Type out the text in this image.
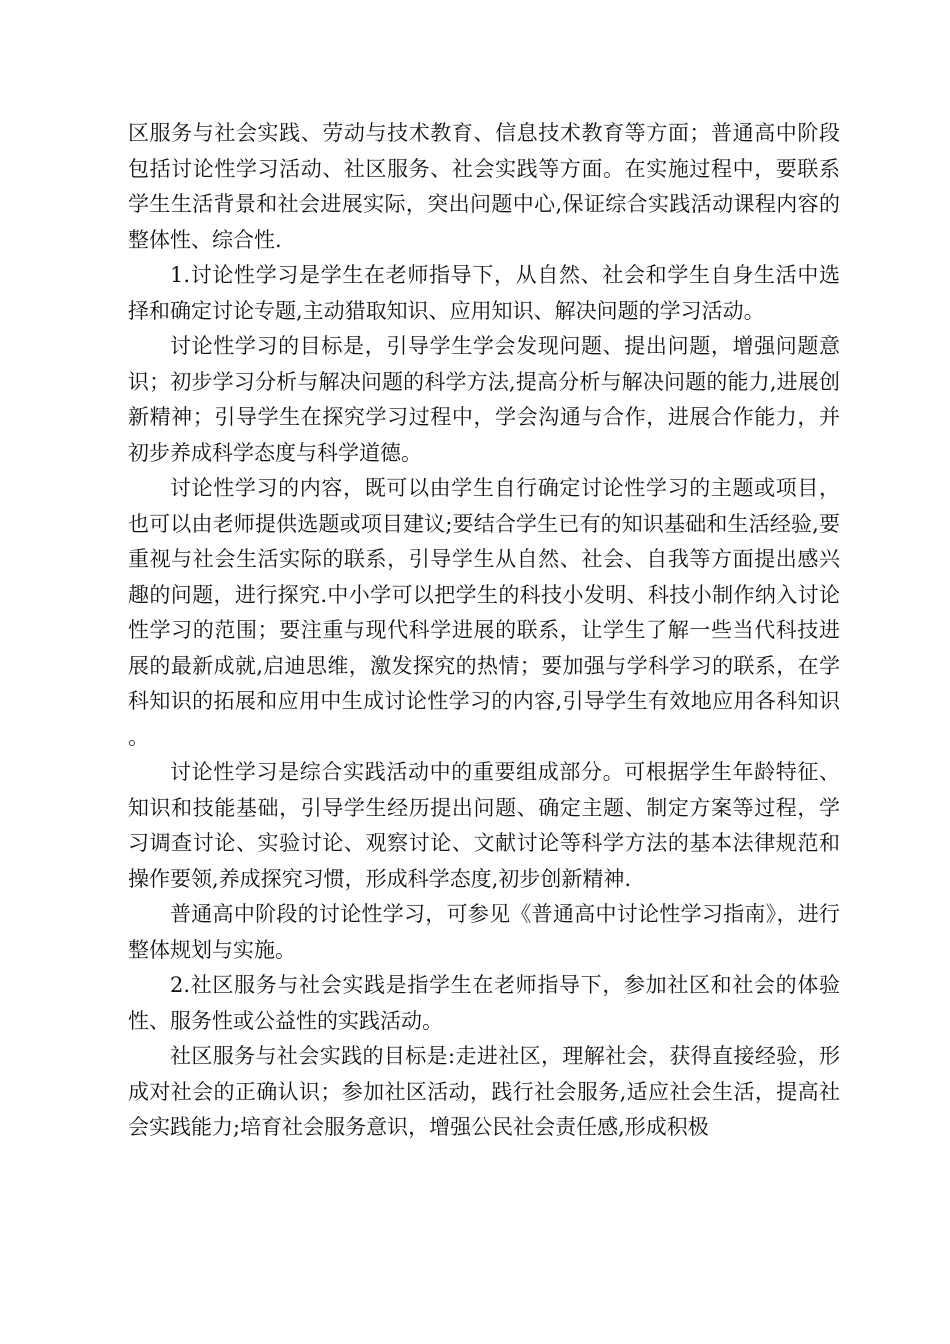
区服务与社会实践、劳动与技术教育、信息技术教育等方面；普通高中阶段包括讨论性学习活动、社区服务、社会实践等方面。在实施过程中，要联系学生生活背景和社会进展实际，突出问题中心,保证综合实践活动课程内容的整体性、综合性.

1.讨论性学习是学生在老师指导下，从自然、社会和学生自身生活中选择和确定讨论专题,主动猎取知识、应用知识、解决问题的学习活动。

讨论性学习的目标是，引导学生学会发现问题、提出问题，增强问题意识；初步学习分析与解决问题的科学方法,提高分析与解决问题的能力,进展创新精神；引导学生在探究学习过程中，学会沟通与合作，进展合作能力，并初步养成科学态度与科学道德。

讨论性学习的内容，既可以由学生自行确定讨论性学习的主题或项目，也可以由老师提供选题或项目建议;要结合学生已有的知识基础和生活经验,要重视与社会生活实际的联系，引导学生从自然、社会、自我等方面提出感兴趣的问题，进行探究.中小学可以把学生的科技小发明、科技小制作纳入讨论性学习的范围；要注重与现代科学进展的联系，让学生了解一些当代科技进展的最新成就,启迪思维，激发探究的热情；要加强与学科学习的联系，在学科知识的拓展和应用中生成讨论性学习的内容,引导学生有效地应用各科知识。

讨论性学习是综合实践活动中的重要组成部分。可根据学生年龄特征、知识和技能基础，引导学生经历提出问题、确定主题、制定方案等过程，学习调查讨论、实验讨论、观察讨论、文献讨论等科学方法的基本法律规范和操作要领,养成探究习惯，形成科学态度,初步创新精神.

普通高中阶段的讨论性学习，可参见《普通高中讨论性学习指南》，进行整体规划与实施。

2.社区服务与社会实践是指学生在老师指导下，参加社区和社会的体验性、服务性或公益性的实践活动。

社区服务与社会实践的目标是:走进社区，理解社会，获得直接经验，形成对社会的正确认识；参加社区活动，践行社会服务,适应社会生活，提高社会实践能力;培育社会服务意识，增强公民社会责任感,形成积极
